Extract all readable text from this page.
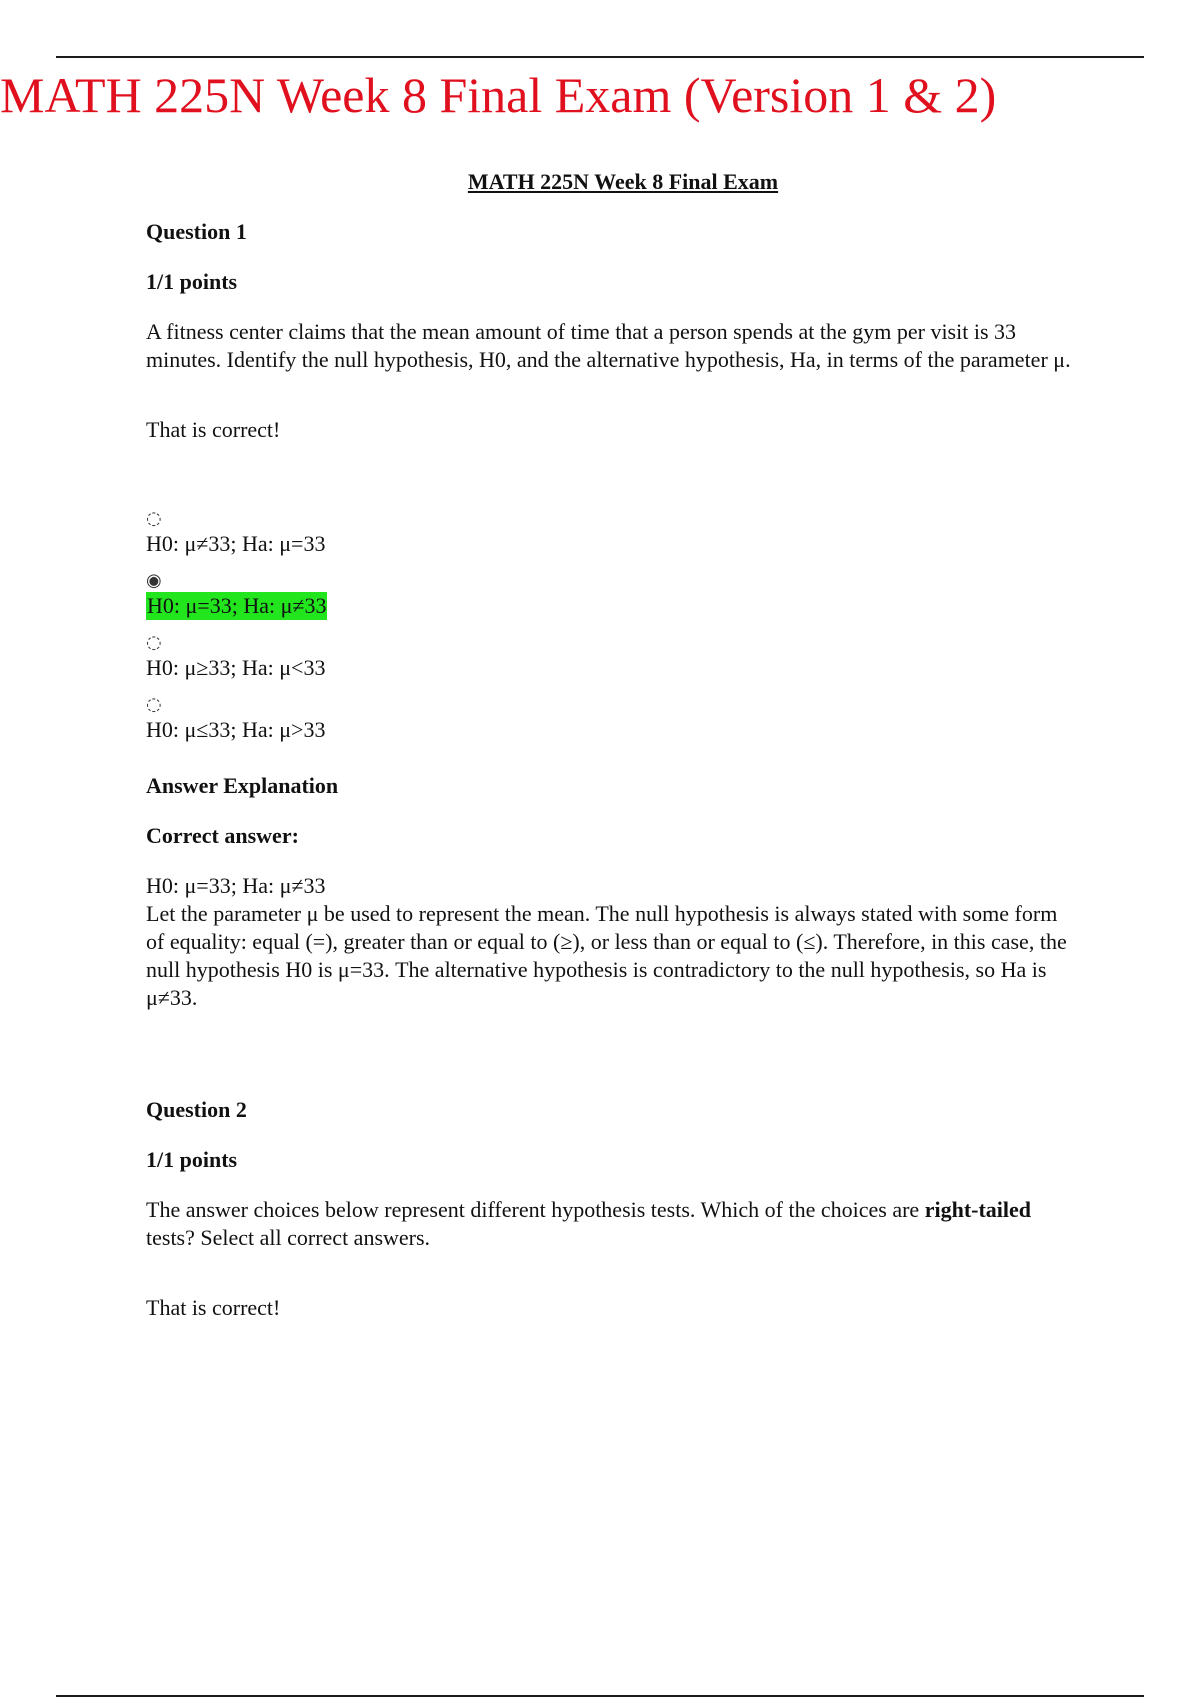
MATH 225N Week 8 Final Exam (Version 1 & 2)

MATH 225N Week 8 Final Exam

Question 1

1/1 points

A fitness center claims that the mean amount of time that a person spends at the gym per visit is 33 minutes. Identify the null hypothesis, H0, and the alternative hypothesis, Ha, in terms of the parameter μ.

That is correct!

◌
H0: μ≠33; Ha: μ=33
◉
H0: μ=33; Ha: μ≠33
◌
H0: μ≥33; Ha: μ<33
◌
H0: μ≤33; Ha: μ>33

Answer Explanation

Correct answer:

H0: μ=33; Ha: μ≠33

Let the parameter μ be used to represent the mean. The null hypothesis is always stated with some form of equality: equal (=), greater than or equal to (≥), or less than or equal to (≤). Therefore, in this case, the null hypothesis H0 is μ=33. The alternative hypothesis is contradictory to the null hypothesis, so Ha is μ≠33.

Question 2

1/1 points

The answer choices below represent different hypothesis tests. Which of the choices are right-tailed tests? Select all correct answers.

That is correct!
